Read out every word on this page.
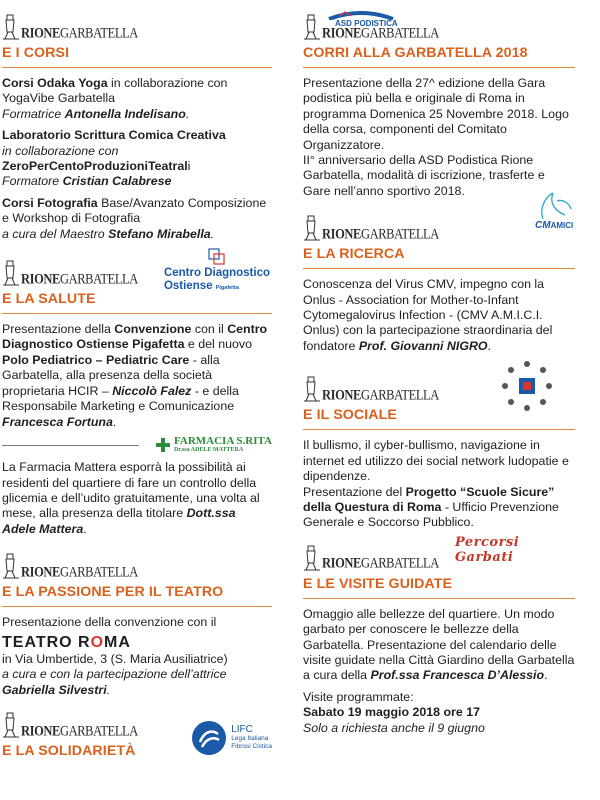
RIONEGARBATELLA
E I CORSI

Corsi Odaka Yoga in collaborazione con YogaVibe Garbatella
Formatrice Antonella Indelisano.

Laboratorio Scrittura Comica Creativa
in collaborazione con
ZeroPerCentoProduzioniTeatrali
Formatore Cristian Calabrese

Corsi Fotografia Base/Avanzato Composizione e Workshop di Fotografia
a cura del Maestro Stefano Mirabella.

RIONEGARBATELLA Centro Diagnostico
Ostiense Pigafetta
E LA SALUTE

Presentazione della Convenzione con il Centro Diagnostico Ostiense Pigafetta e del nuovo Polo Pediatrico – Pediatric Care - alla Garbatella, alla presenza della società proprietaria HCIR – Niccolò Falez - e della Responsabile Marketing e Comunicazione Francesca Fortuna.

FARMACIA S.RITA
Dr.ssa ADELE MATTERA

La Farmacia Mattera esporrà la possibilità ai residenti del quartiere di fare un controllo della glicemia e dell’udito gratuitamente, una volta al mese, alla presenza della titolare Dott.ssa Adele Mattera.

RIONEGARBATELLA
E LA PASSIONE PER IL TEATRO

Presentazione della convenzione con il

TEATRO ROMA

in Via Umbertide, 3 (S. Maria Ausiliatrice)
a cura e con la partecipazione dell’attrice
Gabriella Silvestri.

RIONEGARBATELLA	LIFC
Lega Italiana
Fibrosi Cistica
E LA SOLIDARIETÀ
ASD PODISTICA
RIONEGARBATELLA
CORRI ALLA GARBATELLA 2018

Presentazione della 27^ edizione della Gara podistica più bella e originale di Roma in programma Domenica 25 Novembre 2018. Logo della corsa, componenti del Comitato Organizzatore.

II° anniversario della ASD Podistica Rione Garbatella, modalità di iscrizione, trasferte e Gare nell’anno sportivo 2018.

RIONEGARBATELLA	CMAMICI
E LA RICERCA

Conoscenza del Virus CMV, impegno con la Onlus - Association for Mother-to-Infant Cytomegalovirus Infection - (CMV A.M.I.C.I. Onlus) con la partecipazione straordinaria del fondatore Prof. Giovanni NIGRO.

RIONEGARBATELLA
E IL SOCIALE

Il bullismo, il cyber-bullismo, navigazione in internet ed utilizzo dei social network ludopatie e dipendenze.

Presentazione del Progetto “Scuole Sicure” della Questura di Roma - Ufficio Prevenzione Generale e Soccorso Pubblico.

RIONEGARBATELLA
Percorsi Garbati
E LE VISITE GUIDATE

Omaggio alle bellezze del quartiere. Un modo garbato per conoscere le bellezze della Garbatella. Presentazione del calendario delle visite guidate nella Città Giardino della Garbatella a cura della Prof.ssa Francesca D’Alessio.

Visite programmate:
Sabato 19 maggio 2018 ore 17
Solo a richiesta anche il 9 giugno
